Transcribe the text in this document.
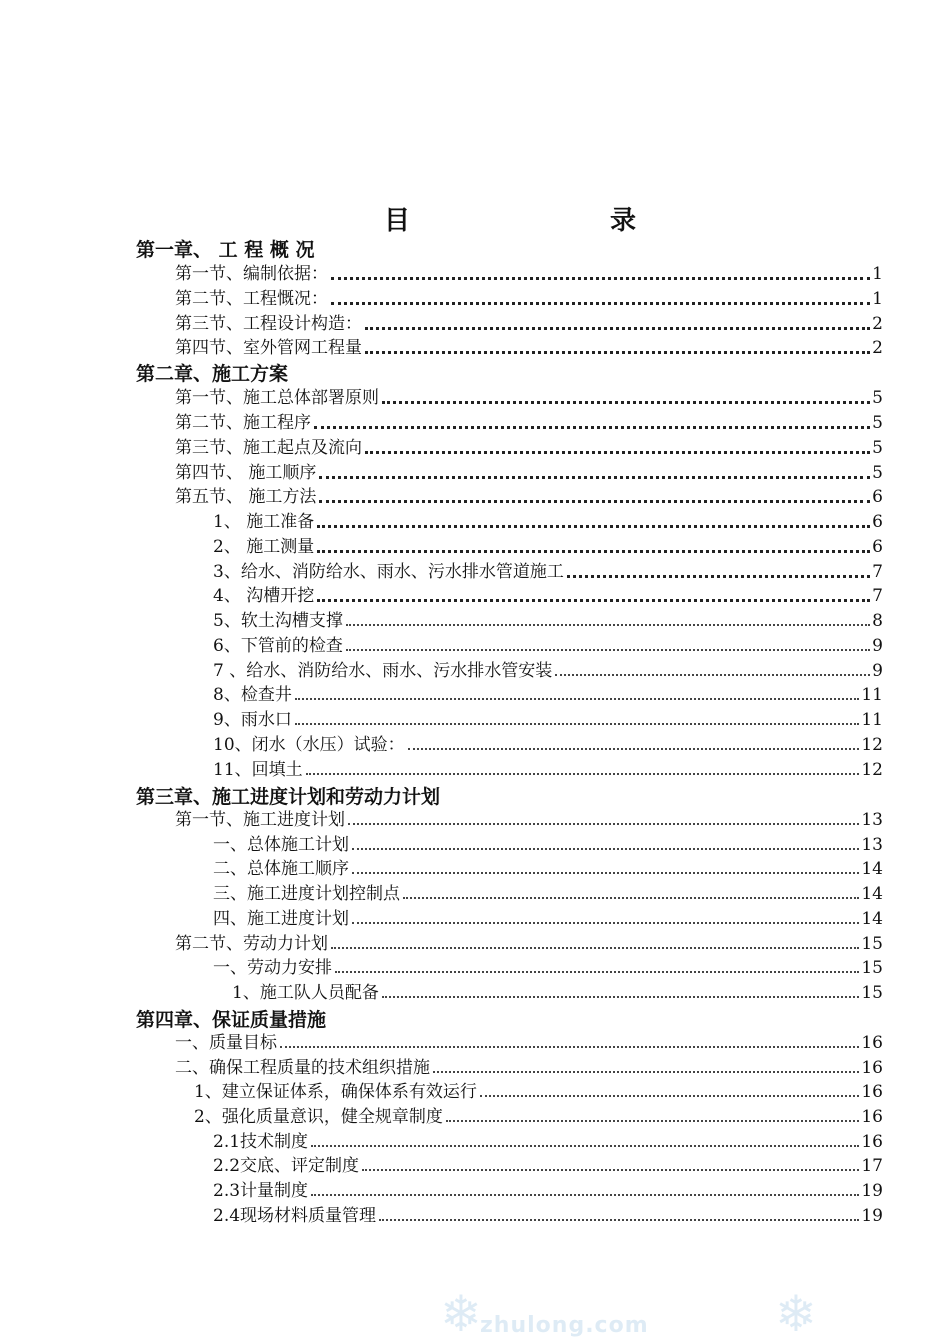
目	录
第一章、 工 程 概 况
第一节、编制依据：	1
第二节、工程慨况：	1
第三节、工程设计构造：	2
第四节、室外管网工程量	2
第二章、施工方案
第一节、施工总体部署原则	5
第二节、施工程序	5
第三节、施工起点及流向	5
第四节、 施工顺序	5
第五节、 施工方法	6
1、 施工准备	6
2、 施工测量	6
3、给水、消防给水、雨水、污水排水管道施工	7
4、 沟槽开挖	7
5、软土沟槽支撑	8
6、下管前的检查	9
7 、给水、消防给水、雨水、污水排水管安装	9
8、检查井	11
9、雨水口	11
10、闭水（水压）试验：	12
11、回填土	12
第三章、施工进度计划和劳动力计划
第一节、施工进度计划	13
一、总体施工计划	13
二、总体施工顺序	14
三、施工进度计划控制点	14
四、施工进度计划	14
第二节、劳动力计划	15
一、劳动力安排	15
1、施工队人员配备	15
第四章、保证质量措施
一、质量目标	16
二、确保工程质量的技术组织措施	16
1、建立保证体系，确保体系有效运行	16
2、强化质量意识，健全规章制度	16
2.1技术制度	16
2.2交底、评定制度	17
2.3计量制度	19
2.4现场材料质量管理	19
❄	❄
zhulong.com
